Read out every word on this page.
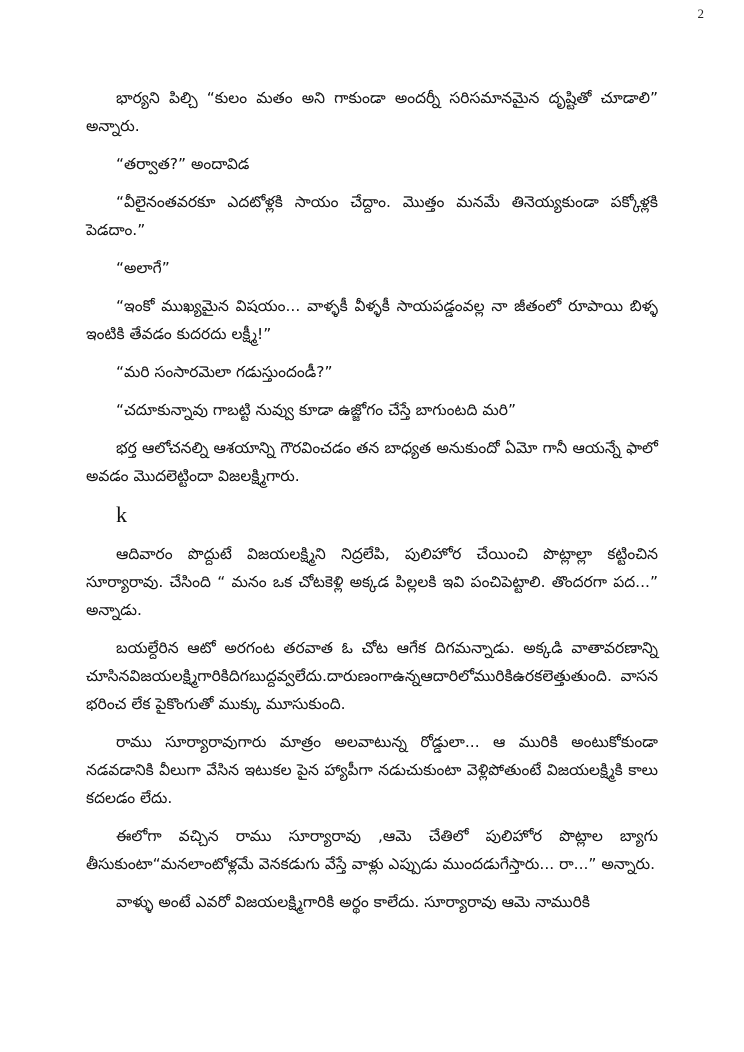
2

భార్యని పిల్చి “కులం మతం అని గాకుండా అందర్నీ సరిసమానమైన దృష్టితో చూడాలి” అన్నారు.

“తర్వాత?” అందావిడ

“వీలైనంతవరకూ ఎదటోళ్లకి సాయం చేద్దాం. మొత్తం మనమే తినెయ్యకుండా పక్కోళ్లకి పెడదాం.”

“అలాగే”

“ఇంకో ముఖ్యమైన విషయం... వాళ్ళకీ వీళ్ళకీ సాయపడ్డంవల్ల నా జీతంలో రూపాయి బిళ్ళ ఇంటికి తేవడం కుదరదు లక్ష్మీ!”

“మరి సంసారమెలా గడుస్తుందండీ?”

“చదూకున్నావు గాబట్టి నువ్వు కూడా ఉజ్జోగం చేస్తే బాగుంటది మరి”

భర్త ఆలోచనల్ని ఆశయాన్ని గౌరవించడం తన బాధ్యత అనుకుందో ఏమో గానీ ఆయన్నే ఫాలో అవడం మొదలెట్టిందా విజలక్ష్మిగారు.

k

ఆదివారం పొద్దుటే విజయలక్ష్మిని నిద్రలేపి, పులిహోర చేయించి పొట్లాల్లా కట్టించిన సూర్యారావు. చేసింది “ మనం ఒక చోటకెళ్లి అక్కడ పిల్లలకి ఇవి పంచిపెట్టాలి. తొందరగా పద...” అన్నాడు.

బయల్దేరిన ఆటో అరగంట తరవాత ఓ చోట ఆగేక దిగమన్నాడు. అక్కడి వాతావరణాన్ని చూసినవిజయలక్ష్మిగారికిదిగబుద్దవ్వలేదు.దారుణంగాఉన్నఆదారిలోమురికిఉరకలెత్తుతుంది. వాసన భరించ లేక పైకొంగుతో ముక్కు మూసుకుంది.

రాము సూర్యారావుగారు మాత్రం అలవాటున్న రోడ్డులా... ఆ మురికి అంటుకోకుండా నడవడానికి వీలుగా వేసిన ఇటుకల పైన హ్యాపీగా నడుచుకుంటా వెళ్లిపోతుంటే విజయలక్ష్మికి కాలు కదలడం లేదు.

ఈలోగా వచ్చిన రాము సూర్యారావు ,ఆమె చేతిలో పులిహోర పొట్లాల బ్యాగు తీసుకుంటా“మనలాంటోళ్లమే వెనకడుగు వేస్తే వాళ్లు ఎప్పుడు ముందడుగేస్తారు... రా...” అన్నారు.

వాళ్ళు అంటే ఎవరో విజయలక్ష్మిగారికి అర్థం కాలేదు. సూర్యారావు ఆమె నామురికి
